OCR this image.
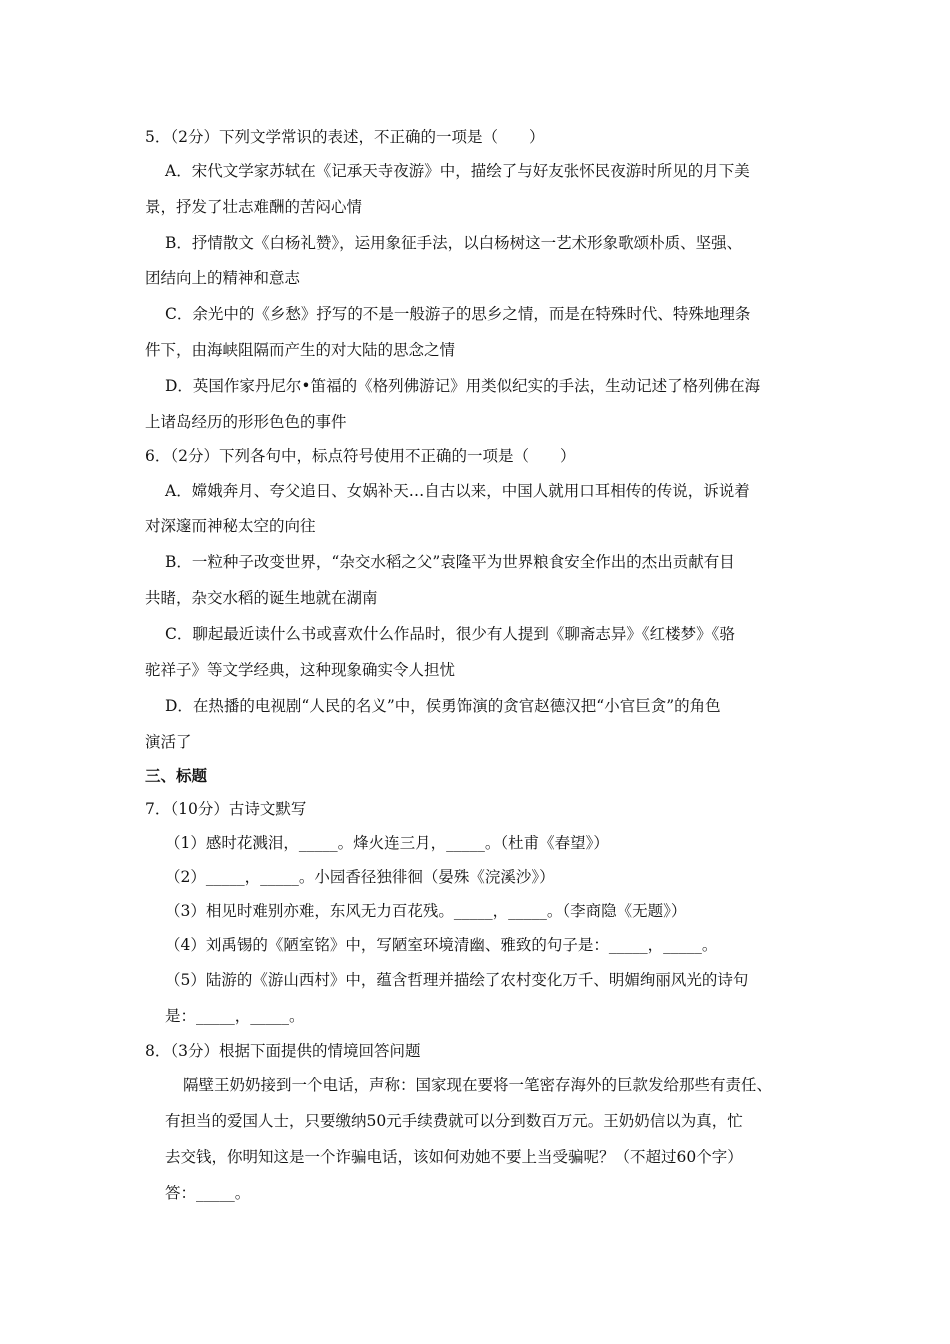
5．（2分）下列文学常识的表述，不正确的一项是（　　）
A．宋代文学家苏轼在《记承天寺夜游》中，描绘了与好友张怀民夜游时所见的月下美
景，抒发了壮志难酬的苦闷心情
B．抒情散文《白杨礼赞》，运用象征手法，以白杨树这一艺术形象歌颂朴质、坚强、
团结向上的精神和意志
C．余光中的《乡愁》抒写的不是一般游子的思乡之情，而是在特殊时代、特殊地理条
件下，由海峡阻隔而产生的对大陆的思念之情
D．英国作家丹尼尔•笛福的《格列佛游记》用类似纪实的手法，生动记述了格列佛在海
上诸岛经历的形形色色的事件
6．（2分）下列各句中，标点符号使用不正确的一项是（　　）
A．嫦娥奔月、夸父追日、女娲补天…自古以来，中国人就用口耳相传的传说，诉说着
对深邃而神秘太空的向往
B．一粒种子改变世界，“杂交水稻之父”袁隆平为世界粮食安全作出的杰出贡献有目
共睹，杂交水稻的诞生地就在湖南
C．聊起最近读什么书或喜欢什么作品时，很少有人提到《聊斋志异》《红楼梦》《骆
驼祥子》等文学经典，这种现象确实令人担忧
D．在热播的电视剧“人民的名义”中，侯勇饰演的贪官赵德汉把“小官巨贪”的角色
演活了
三、标题
7．（10分）古诗文默写
（1）感时花溅泪，_____。烽火连三月，_____。（杜甫《春望》）
（2）_____，_____。小园香径独徘徊（晏殊《浣溪沙》）
（3）相见时难别亦难，东风无力百花残。_____，_____。（李商隐《无题》）
（4）刘禹锡的《陋室铭》中，写陋室环境清幽、雅致的句子是：_____，_____。
（5）陆游的《游山西村》中，蕴含哲理并描绘了农村变化万千、明媚绚丽风光的诗句
是：_____，_____。
8．（3分）根据下面提供的情境回答问题
隔壁王奶奶接到一个电话，声称：国家现在要将一笔密存海外的巨款发给那些有责任、
有担当的爱国人士，只要缴纳50元手续费就可以分到数百万元。王奶奶信以为真，忙
去交钱，你明知这是一个诈骗电话，该如何劝她不要上当受骗呢？（不超过60个字）
答：_____。
